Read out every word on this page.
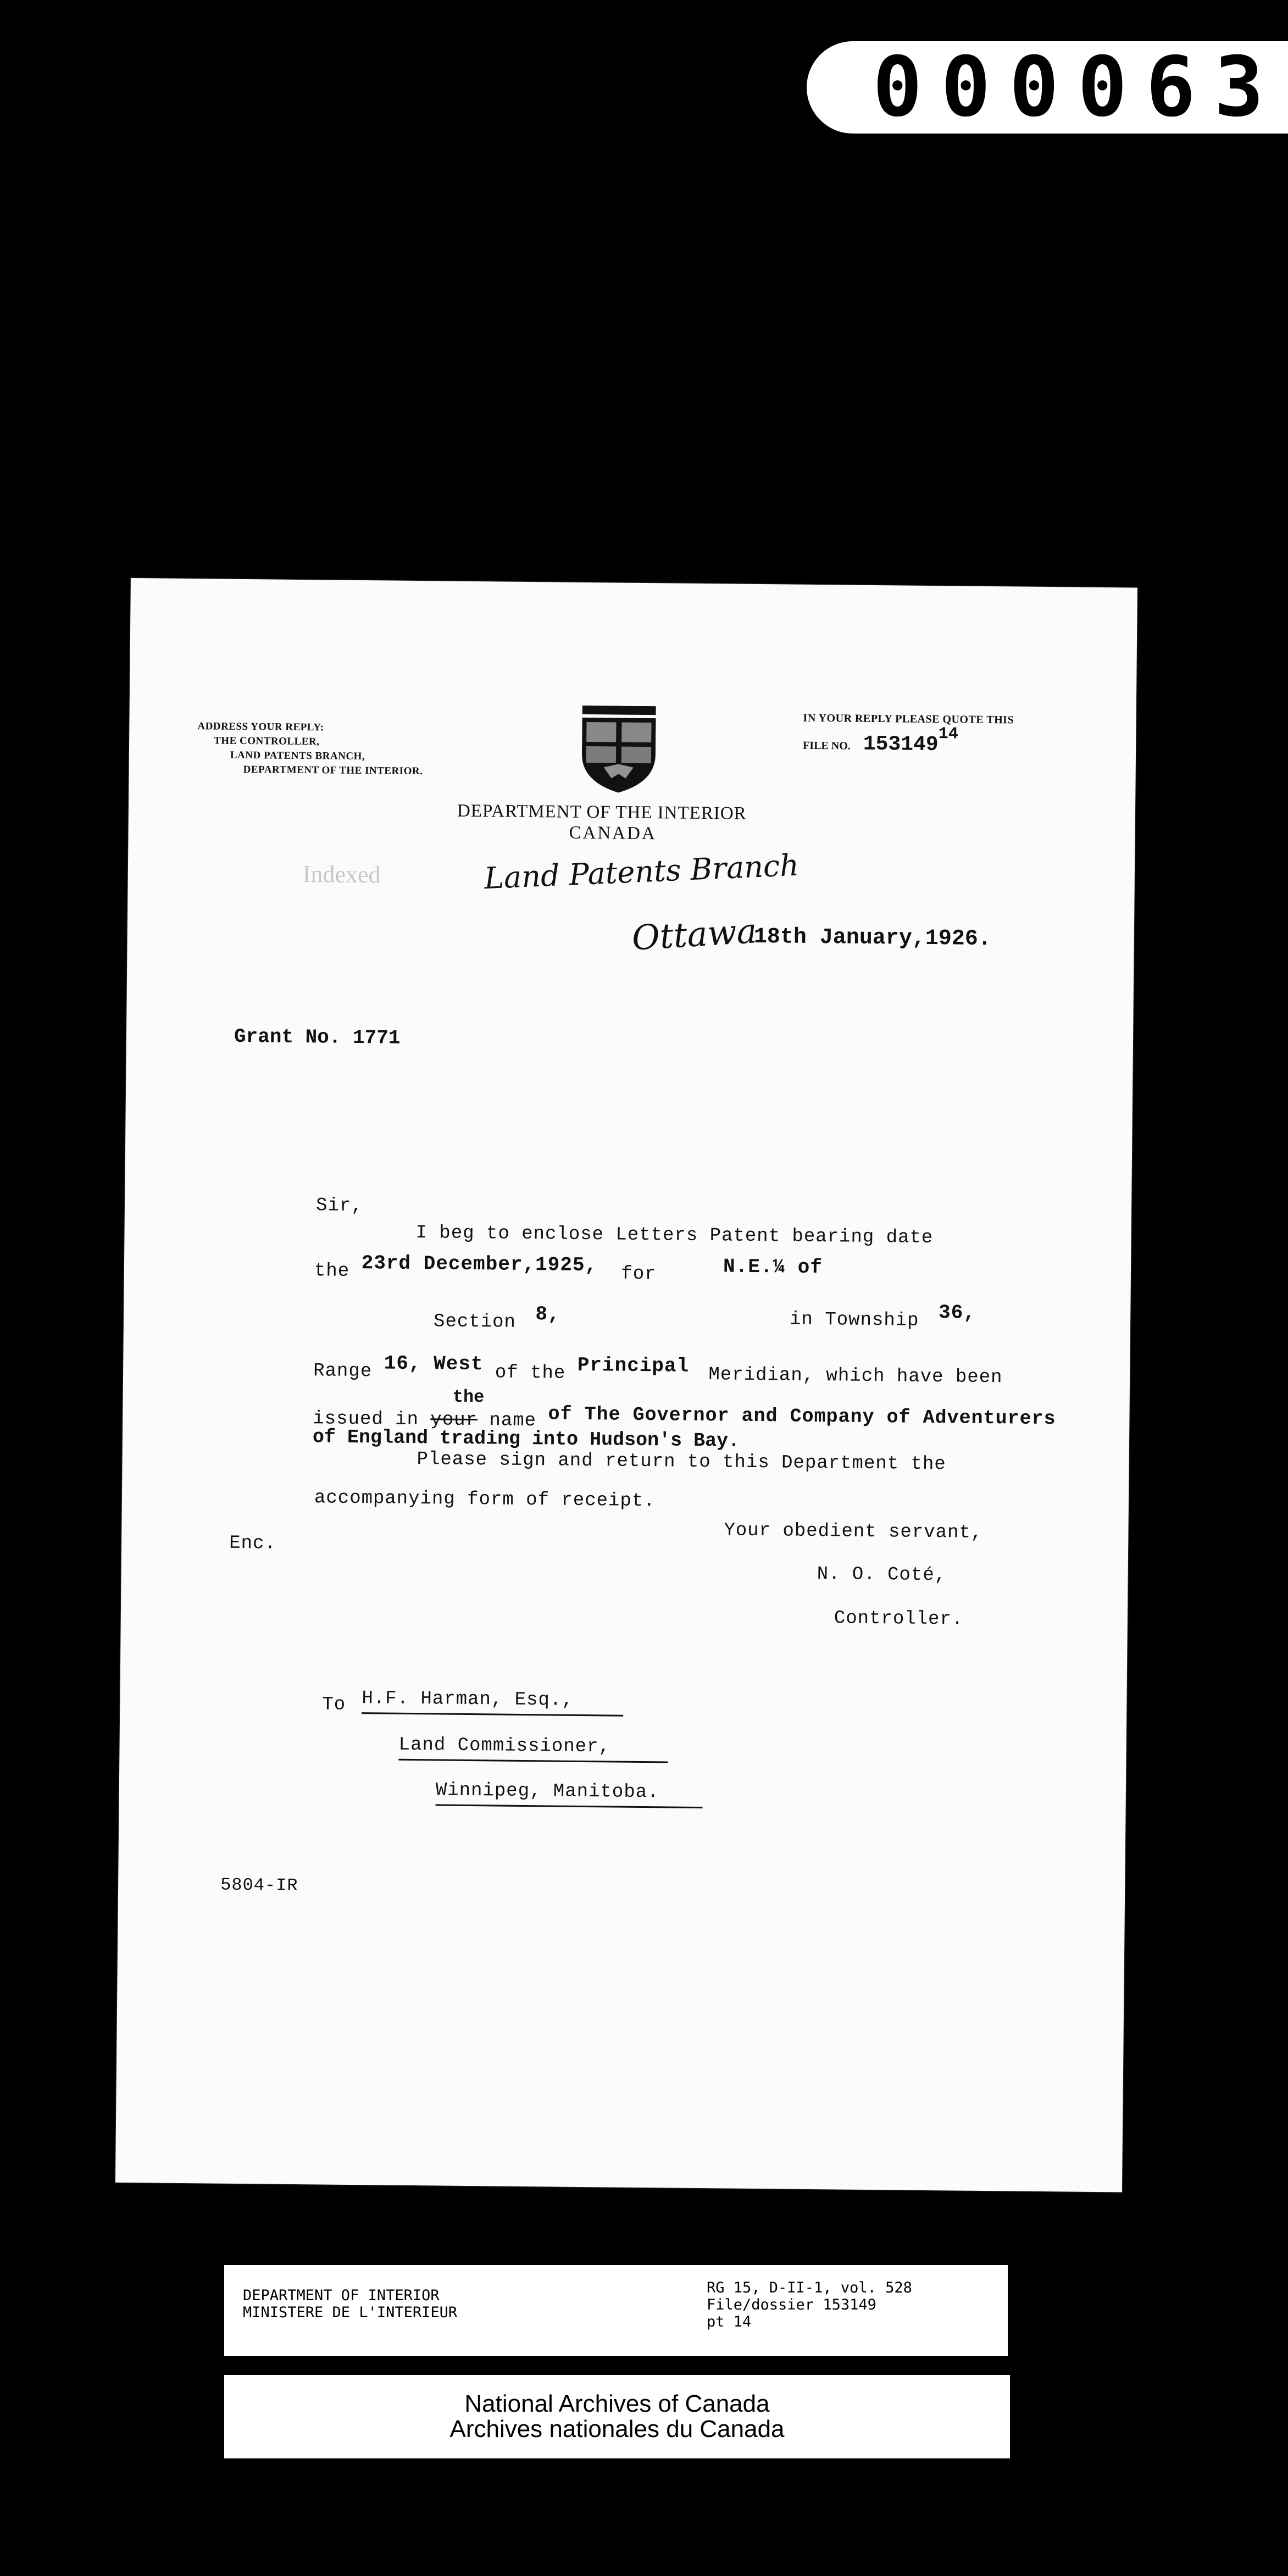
000063
ADDRESS YOUR REPLY:
THE CONTROLLER,
LAND PATENTS BRANCH,
DEPARTMENT OF THE INTERIOR.
IN YOUR REPLY PLEASE QUOTE THIS
FILE NO. 15314914
DEPARTMENT OF THE INTERIOR
CANADA
Land Patents Branch
Indexed
Ottawa
18th January,1926.
Grant No. 1771
Sir,
I beg to enclose Letters Patent bearing date
the 23rd December,1925, for	N.E.¼ of
Section 8,	in Township 36,
Range 16, West of the Principal Meridian, which have been
the
issued in your name of The Governor and Company of Adventurers
of England trading into Hudson's Bay.
Please sign and return to this Department the
accompanying form of receipt.
Enc.
Your obedient servant,
N. O. Coté,
Controller.
To H.F. Harman, Esq.,
Land Commissioner,
Winnipeg, Manitoba.
5804-IR
DEPARTMENT OF INTERIOR
MINISTERE DE L'INTERIEUR
RG 15, D-II-1, vol. 528
File/dossier 153149
pt 14
National Archives of Canada
Archives nationales du Canada
